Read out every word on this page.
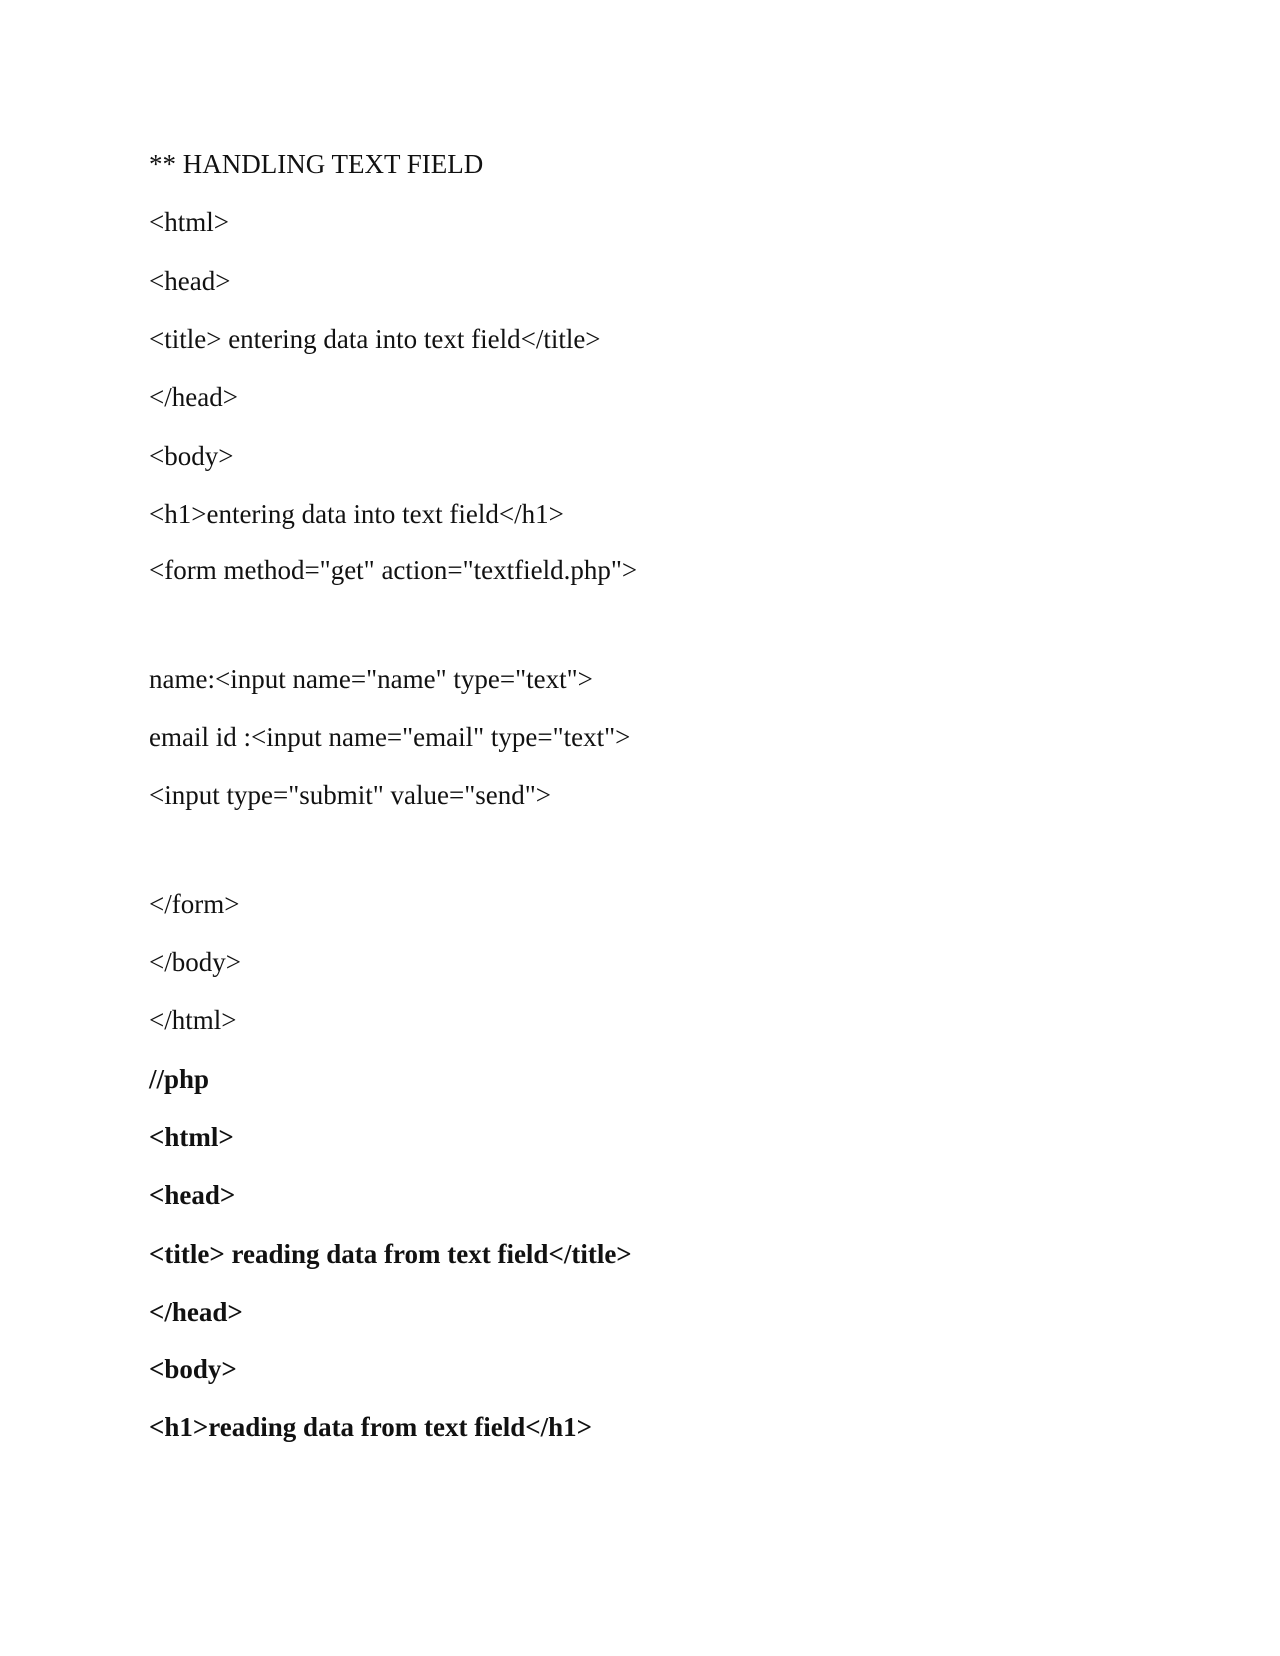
** HANDLING TEXT FIELD

<html>

<head>

<title> entering data into text field</title>

</head>

<body>

<h1>entering data into text field</h1>

<form method="get" action="textfield.php">

name:<input name="name" type="text">

email id :<input name="email" type="text">

<input type="submit" value="send">

</form>

</body>

</html>

//php

<html>

<head>

<title> reading data from text field</title>

</head>

<body>

<h1>reading data from text field</h1>
